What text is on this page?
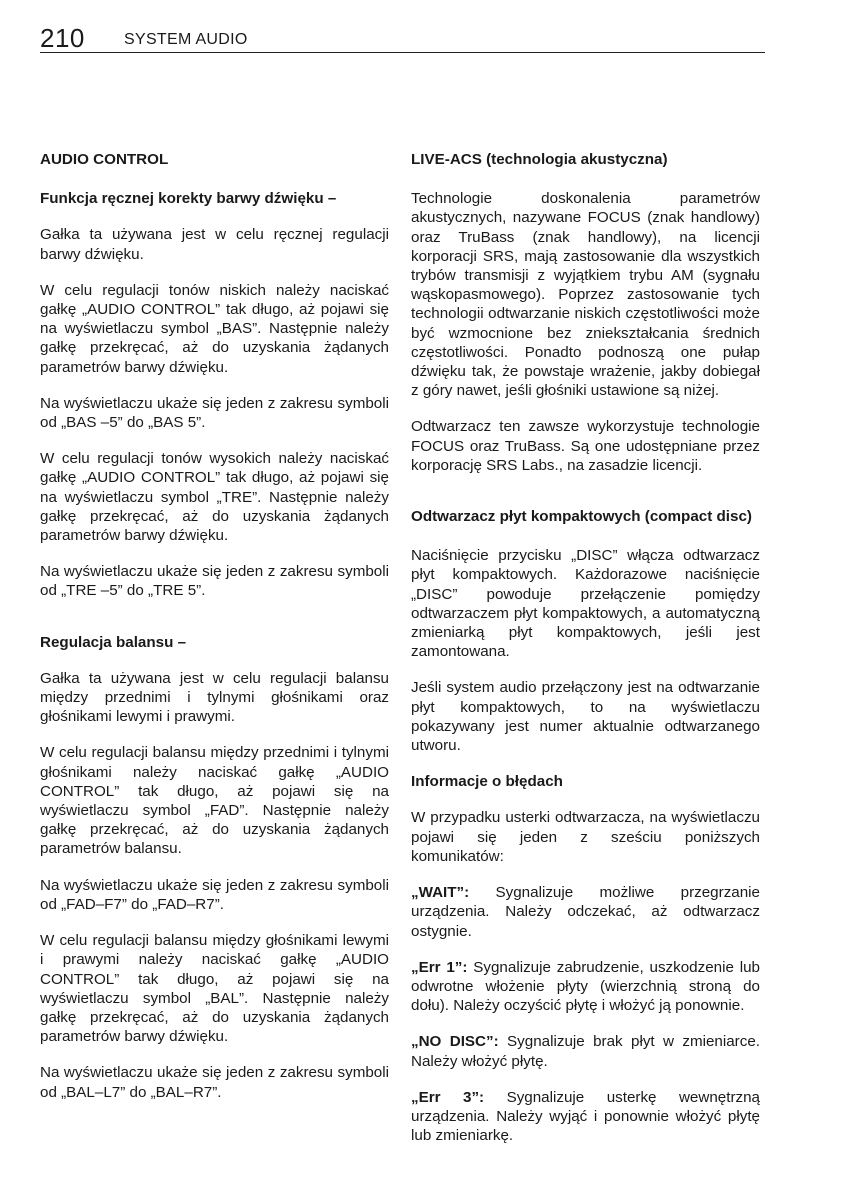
210 SYSTEM AUDIO

AUDIO CONTROL

Funkcja ręcznej korekty barwy dźwięku –

Gałka ta używana jest w celu ręcznej regulacji barwy dźwięku.

W celu regulacji tonów niskich należy naciskać gałkę „AUDIO CONTROL” tak długo, aż pojawi się na wyświetlaczu symbol „BAS”. Następnie należy gałkę przekręcać, aż do uzyskania żądanych parametrów barwy dźwięku.

Na wyświetlaczu ukaże się jeden z zakresu symboli od „BAS –5” do „BAS 5”.

W celu regulacji tonów wysokich należy naciskać gałkę „AUDIO CONTROL” tak długo, aż pojawi się na wyświetlaczu symbol „TRE”. Następnie należy gałkę przekręcać, aż do uzyskania żądanych parametrów barwy dźwięku.

Na wyświetlaczu ukaże się jeden z zakresu symboli od „TRE –5” do „TRE 5”.

Regulacja balansu –

Gałka ta używana jest w celu regulacji balansu między przednimi i tylnymi głośnikami oraz głośnikami lewymi i prawymi.

W celu regulacji balansu między przednimi i tylnymi głośnikami należy naciskać gałkę „AUDIO CONTROL” tak długo, aż pojawi się na wyświetlaczu symbol „FAD”. Następnie należy gałkę przekręcać, aż do uzyskania żądanych parametrów balansu.

Na wyświetlaczu ukaże się jeden z zakresu symboli od „FAD–F7” do „FAD–R7”.

W celu regulacji balansu między głośnikami lewymi i prawymi należy naciskać gałkę „AUDIO CONTROL” tak długo, aż pojawi się na wyświetlaczu symbol „BAL”. Następnie należy gałkę przekręcać, aż do uzyskania żądanych parametrów barwy dźwięku.

Na wyświetlaczu ukaże się jeden z zakresu symboli od „BAL–L7” do „BAL–R7”.

LIVE-ACS (technologia akustyczna)

Technologie doskonalenia parametrów akustycznych, nazywane FOCUS (znak handlowy) oraz TruBass (znak handlowy), na licencji korporacji SRS, mają zastosowanie dla wszystkich trybów transmisji z wyjątkiem trybu AM (sygnału wąskopasmowego). Poprzez zastosowanie tych technologii odtwarzanie niskich częstotliwości może być wzmocnione bez zniekształcania średnich częstotliwości. Ponadto podnoszą one pułap dźwięku tak, że powstaje wrażenie, jakby dobiegał z góry nawet, jeśli głośniki ustawione są niżej.

Odtwarzacz ten zawsze wykorzystuje technologie FOCUS oraz TruBass. Są one udostępniane przez korporację SRS Labs., na zasadzie licencji.

Odtwarzacz płyt kompaktowych (compact disc)

Naciśnięcie przycisku „DISC” włącza odtwarzacz płyt kompaktowych. Każdorazowe naciśnięcie „DISC” powoduje przełączenie pomiędzy odtwarzaczem płyt kompaktowych, a automatyczną zmieniarką płyt kompaktowych, jeśli jest zamontowana.

Jeśli system audio przełączony jest na odtwarzanie płyt kompaktowych, to na wyświetlaczu pokazywany jest numer aktualnie odtwarzanego utworu.

Informacje o błędach

W przypadku usterki odtwarzacza, na wyświetlaczu pojawi się jeden z sześciu poniższych komunikatów:

„WAIT”: Sygnalizuje możliwe przegrzanie urządzenia. Należy odczekać, aż odtwarzacz ostygnie.

„Err 1”: Sygnalizuje zabrudzenie, uszkodzenie lub odwrotne włożenie płyty (wierzchnią stroną do dołu). Należy oczyścić płytę i włożyć ją ponownie.

„NO DISC”: Sygnalizuje brak płyt w zmieniarce. Należy włożyć płytę.

„Err 3”: Sygnalizuje usterkę wewnętrzną urządzenia. Należy wyjąć i ponownie włożyć płytę lub zmieniarkę.
